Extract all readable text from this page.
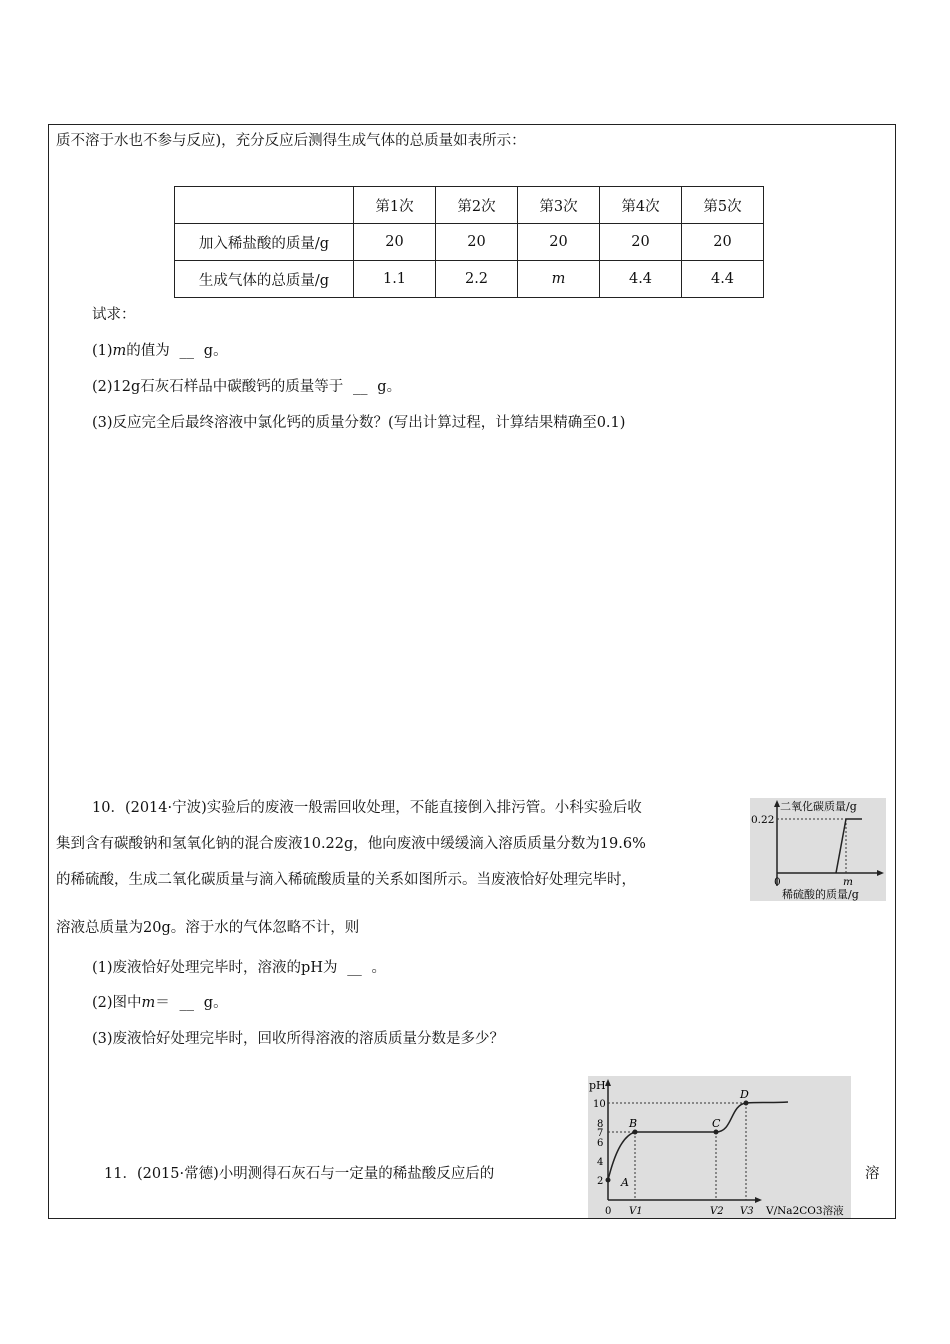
质不溶于水也不参与反应)，充分反应后测得生成气体的总质量如表所示：
	第1次	第2次	第3次	第4次	第5次
加入稀盐酸的质量/g	20	20	20	20	20
生成气体的总质量/g	1.1	2.2	m	4.4	4.4
试求：
(1)m的值为 __ g。
(2)12g石灰石样品中碳酸钙的质量等于 __ g。
(3)反应完全后最终溶液中氯化钙的质量分数？(写出计算过程，计算结果精确至0.1)
10．(2014·宁波)实验后的废液一般需回收处理，不能直接倒入排污管。小科实验后收
集到含有碳酸钠和氢氧化钠的混合废液10.22g，他向废液中缓缓滴入溶质质量分数为19.6%
的稀硫酸，生成二氧化碳质量与滴入稀硫酸质量的关系如图所示。当废液恰好处理完毕时，
溶液总质量为20g。溶于水的气体忽略不计，则
(1)废液恰好处理完毕时，溶液的pH为 __ 。
(2)图中m＝ __ g。
(3)废液恰好处理完毕时，回收所得溶液的溶质质量分数是多少？
二氧化碳质量/g
0.22
0	m
稀硫酸的质量/g
11．(2015·常德)小明测得石灰石与一定量的稀盐酸反应后的	溶
pH
10
8
7
6
4
2 A
B	C
D
0 V1	V2 V3 V/Na2CO3溶液
